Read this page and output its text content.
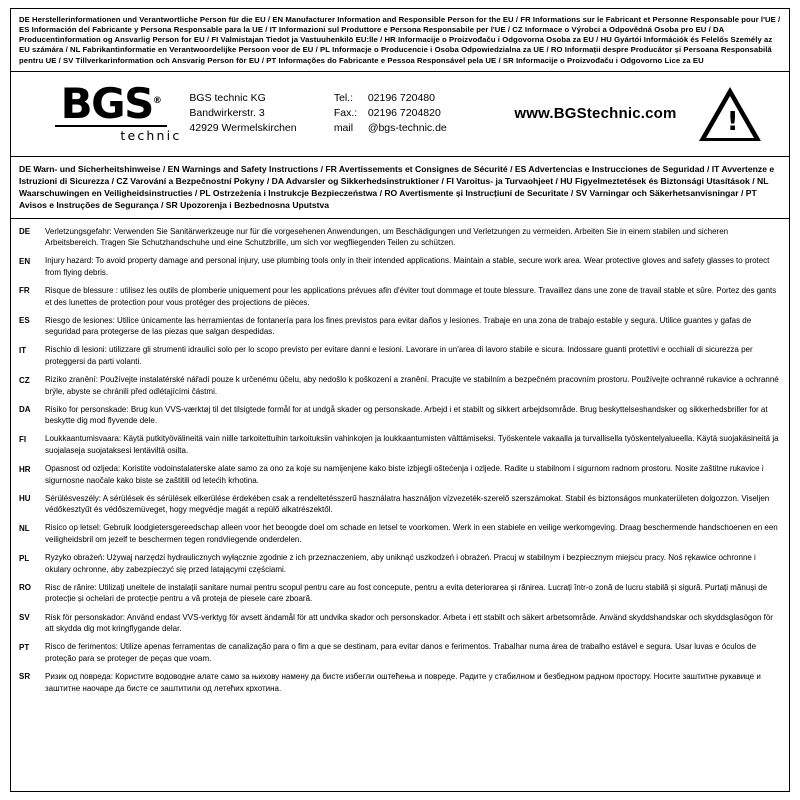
DE Herstellerinformationen und Verantwortliche Person für die EU / EN Manufacturer Information and Responsible Person for the EU / FR Informations sur le Fabricant et Personne Responsable pour l'UE / ES Información del Fabricante y Persona Responsable para la UE / IT Informazioni sul Produttore e Persona Responsabile per l'UE / CZ Informace o Výrobci a Odpovědná Osoba pro EU / DA Producentinformation og Ansvarlig Person for EU / FI Valmistajan Tiedot ja Vastuuhenkilö EU:lle / HR Informacije o Proizvođaču i Odgovorna Osoba za EU / HU Gyártói Információk és Felelős Személy az EU számára / NL Fabrikantinformatie en Verantwoordelijke Persoon voor de EU / PL Informacje o Producencie i Osoba Odpowiedzialna za UE / RO Informații despre Producător și Persoana Responsabilă pentru UE / SV Tillverkarinformation och Ansvarig Person för EU / PT Informações do Fabricante e Pessoa Responsável pela UE / SR Informacije o Proizvođaču i Odgovorno Lice za EU
BGS®
technic
BGS technic KG
Bandwirkerstr. 3
42929 Wermelskirchen
Tel.:	02196 720480
Fax.:	02196 7204820
mail	@bgs-technic.de
www.BGStechnic.com !
DE Warn- und Sicherheitshinweise / EN Warnings and Safety Instructions / FR Avertissements et Consignes de Sécurité / ES Advertencias e Instrucciones de Seguridad / IT Avvertenze e Istruzioni di Sicurezza / CZ Varování a Bezpečnostní Pokyny / DA Advarsler og Sikkerhedsinstruktioner / FI Varoitus- ja Turvaohjeet / HU Figyelmeztetések és Biztonsági Utasítások / NL Waarschuwingen en Veiligheidsinstructies / PL Ostrzeżenia i Instrukcje Bezpieczeństwa / RO Avertismente și Instrucțiuni de Securitate / SV Varningar och Säkerhetsanvisningar / PT Avisos e Instruções de Segurança / SR Upozorenja i Bezbednosna Uputstva
DE	Verletzungsgefahr: Verwenden Sie Sanitärwerkzeuge nur für die vorgesehenen Anwendungen, um Beschädigungen und Verletzungen zu vermeiden. Arbeiten Sie in einem stabilen und sicheren Arbeitsbereich. Tragen Sie Schutzhandschuhe und eine Schutzbrille, um sich vor wegfliegenden Teilen zu schützen.
EN	Injury hazard: To avoid property damage and personal injury, use plumbing tools only in their intended applications. Maintain a stable, secure work area. Wear protective gloves and safety glasses to protect from flying debris.
FR	Risque de blessure : utilisez les outils de plomberie uniquement pour les applications prévues afin d'éviter tout dommage et toute blessure. Travaillez dans une zone de travail stable et sûre. Portez des gants et des lunettes de protection pour vous protéger des projections de pièces.
ES	Riesgo de lesiones: Utilice únicamente las herramientas de fontanería para los fines previstos para evitar daños y lesiones. Trabaje en una zona de trabajo estable y segura. Utilice guantes y gafas de seguridad para protegerse de las piezas que salgan despedidas.
IT	Rischio di lesioni: utilizzare gli strumenti idraulici solo per lo scopo previsto per evitare danni e lesioni. Lavorare in un'area di lavoro stabile e sicura. Indossare guanti protettivi e occhiali di sicurezza per proteggersi da parti volanti.
CZ	Riziko zranění: Používejte instalatérské nářadí pouze k určenému účelu, aby nedošlo k poškození a zranění. Pracujte ve stabilním a bezpečném pracovním prostoru. Používejte ochranné rukavice a ochranné brýle, abyste se chránili před odlétajícími částmi.
DA	Risiko for personskade: Brug kun VVS-værktøj til det tilsigtede formål for at undgå skader og personskade. Arbejd i et stabilt og sikkert arbejdsområde. Brug beskyttelseshandsker og sikkerhedsbriller for at beskytte dig mod flyvende dele.
FI	Loukkaantumisvaara: Käytä putkityövälineitä vain niille tarkoitettuihin tarkoituksiin vahinkojen ja loukkaantumisten välttämiseksi. Työskentele vakaalla ja turvallisella työskentelyalueella. Käytä suojakäsineitä ja suojalaseja suojataksesi lentäviltä osilta.
HR	Opasnost od ozljeda: Koristite vodoinstalaterske alate samo za ono za koje su namijenjene kako biste izbjegli oštećenja i ozljede. Radite u stabilnom i sigurnom radnom prostoru. Nosite zaštitne rukavice i sigurnosne naočale kako biste se zaštitili od letećih krhotina.
HU	Sérülésveszély: A sérülések és sérülések elkerülése érdekében csak a rendeltetésszerű használatra használjon vízvezeték-szerelő szerszámokat. Stabil és biztonságos munkaterületen dolgozzon. Viseljen védőkesztyűt és védőszemüveget, hogy megvédje magát a repülő alkatrészektől.
NL	Risico op letsel: Gebruik loodgietersgereedschap alleen voor het beoogde doel om schade en letsel te voorkomen. Werk in een stabiele en veilige werkomgeving. Draag beschermende handschoenen en een veiligheidsbril om jezelf te beschermen tegen rondvliegende onderdelen.
PL	Ryzyko obrażeń: Używaj narzędzi hydraulicznych wyłącznie zgodnie z ich przeznaczeniem, aby uniknąć uszkodzeń i obrażeń. Pracuj w stabilnym i bezpiecznym miejscu pracy. Noś rękawice ochronne i okulary ochronne, aby zabezpieczyć się przed latającymi częściami.
RO	Risc de rănire: Utilizați uneltele de instalații sanitare numai pentru scopul pentru care au fost concepute, pentru a evita deteriorarea și rănirea. Lucrați într-o zonă de lucru stabilă și sigură. Purtați mănuși de protecție și ochelari de protecție pentru a vă proteja de piesele care zboară.
SV	Risk för personskador: Använd endast VVS-verktyg för avsett ändamål för att undvika skador och personskador. Arbeta i ett stabilt och säkert arbetsområde. Använd skyddshandskar och skyddsglasögon för att skydda dig mot kringflygande delar.
PT	Risco de ferimentos: Utilize apenas ferramentas de canalização para o fim a que se destinam, para evitar danos e ferimentos. Trabalhar numa área de trabalho estável e segura. Usar luvas e óculos de proteção para se proteger de peças que voam.
SR	Ризик од повреда: Користите водоводне алате само за њихову намену да бисте избегли оштећења и повреде. Радите у стабилном и безбедном радном простору. Носите заштитне рукавице и заштитне наочаре да бисте се заштитили од летећих крхотина.
